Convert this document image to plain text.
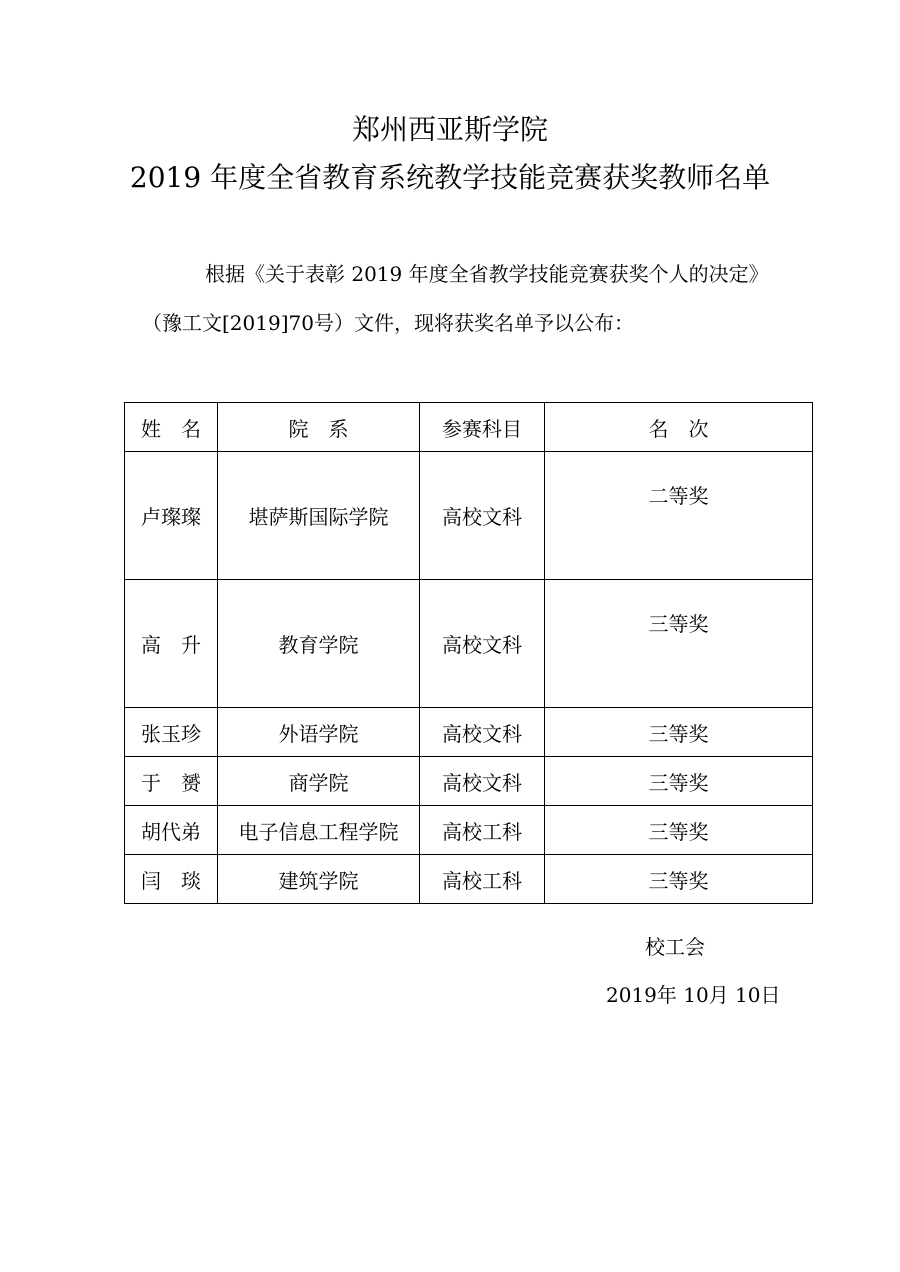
郑州西亚斯学院
2019 年度全省教育系统教学技能竞赛获奖教师名单
根据《关于表彰 2019 年度全省教学技能竞赛获奖个人的决定》
（豫工文[2019]70号）文件，现将获奖名单予以公布：
姓　名	院　系	参赛科目	名　次
卢璨璨	堪萨斯国际学院	高校文科	二等奖
高　升	教育学院	高校文科	三等奖
张玉珍	外语学院	高校文科	三等奖
于　赟	商学院	高校文科	三等奖
胡代弟	电子信息工程学院	高校工科	三等奖
闫　琰	建筑学院	高校工科	三等奖
校工会
2019年 10月 10日
